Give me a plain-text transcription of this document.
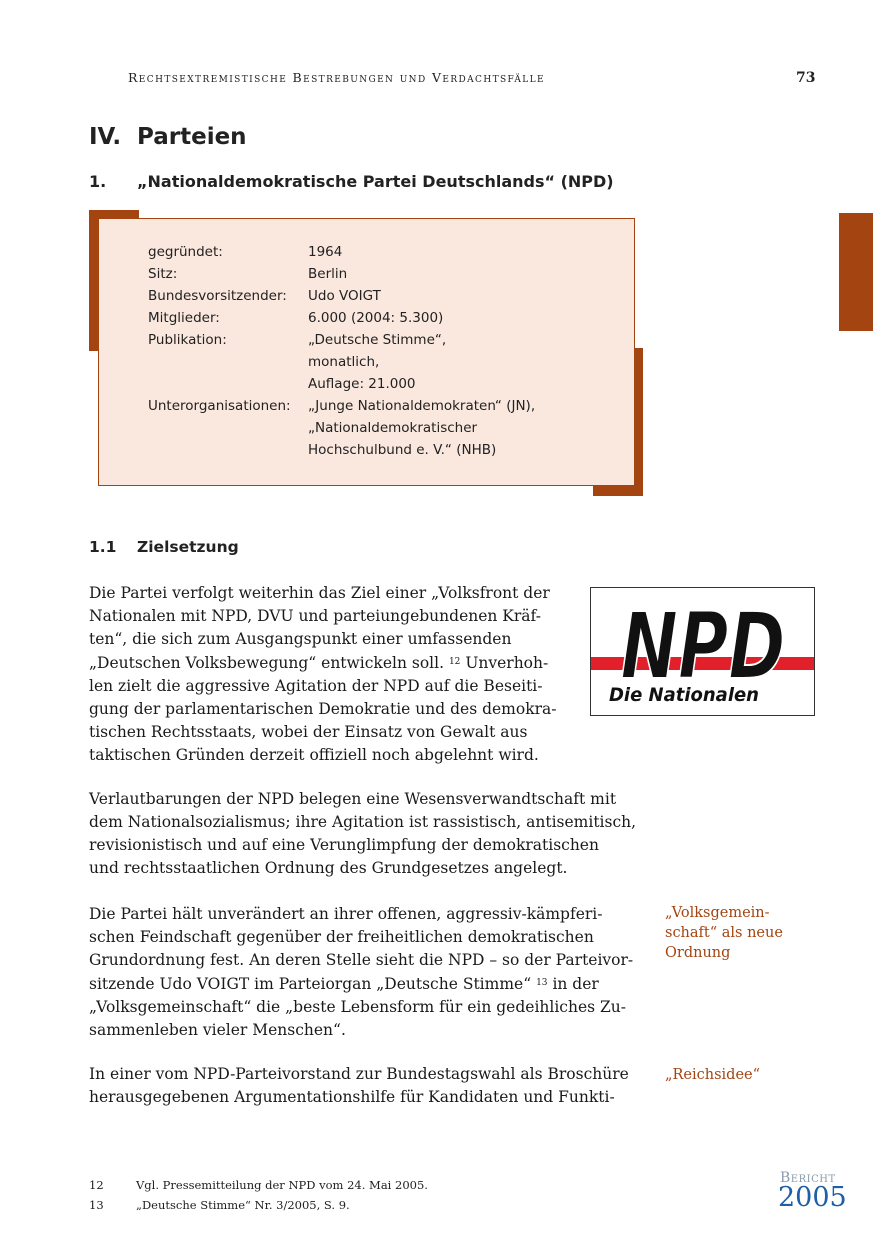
Rechtsextremistische Bestrebungen und Verdachtsfälle	73
IV. Parteien
1. „Nationaldemokratische Partei Deutschlands“ (NPD)
gegründet:	1964
Sitz:	Berlin
Bundesvorsitzender:	Udo VOIGT
Mitglieder:	6.000 (2004: 5.300)
Publikation:	„Deutsche Stimme“,
monatlich,
Auflage: 21.000
Unterorganisationen:	„Junge Nationaldemokraten“ (JN),
„Nationaldemokratischer
Hochschulbund e. V.“ (NHB)
1.1 Zielsetzung
Die Partei verfolgt weiterhin das Ziel einer „Volksfront der
Nationalen mit NPD, DVU und parteiungebundenen Kräf-
ten“, die sich zum Ausgangspunkt einer umfassenden
„Deutschen Volksbewegung“ entwickeln soll. $^{12}$ Unverhoh-
len zielt die aggressive Agitation der NPD auf die Beseiti-
gung der parlamentarischen Demokratie und des demokra-
tischen Rechtsstaats, wobei der Einsatz von Gewalt aus
taktischen Gründen derzeit offiziell noch abgelehnt wird.
NPD
Die Nationalen
Verlautbarungen der NPD belegen eine Wesensverwandtschaft mit
dem Nationalsozialismus; ihre Agitation ist rassistisch, antisemitisch,
revisionistisch und auf eine Verunglimpfung der demokratischen
und rechtsstaatlichen Ordnung des Grundgesetzes angelegt.
Die Partei hält unverändert an ihrer offenen, aggressiv-kämpferi-
schen Feindschaft gegenüber der freiheitlichen demokratischen
Grundordnung fest. An deren Stelle sieht die NPD – so der Parteivor-
sitzende Udo VOIGT im Parteiorgan „Deutsche Stimme“ $^{13}$ in der
„Volksgemeinschaft“ die „beste Lebensform für ein gedeihliches Zu-
sammenleben vieler Menschen“.
„Volksgemein-
schaft“ als neue
Ordnung
In einer vom NPD-Parteivorstand zur Bundestagswahl als Broschüre
herausgegebenen Argumentationshilfe für Kandidaten und Funkti-
„Reichsidee“
12	Vgl. Pressemitteilung der NPD vom 24. Mai 2005.
13	„Deutsche Stimme“ Nr. 3/2005, S. 9.
Bericht
2005
